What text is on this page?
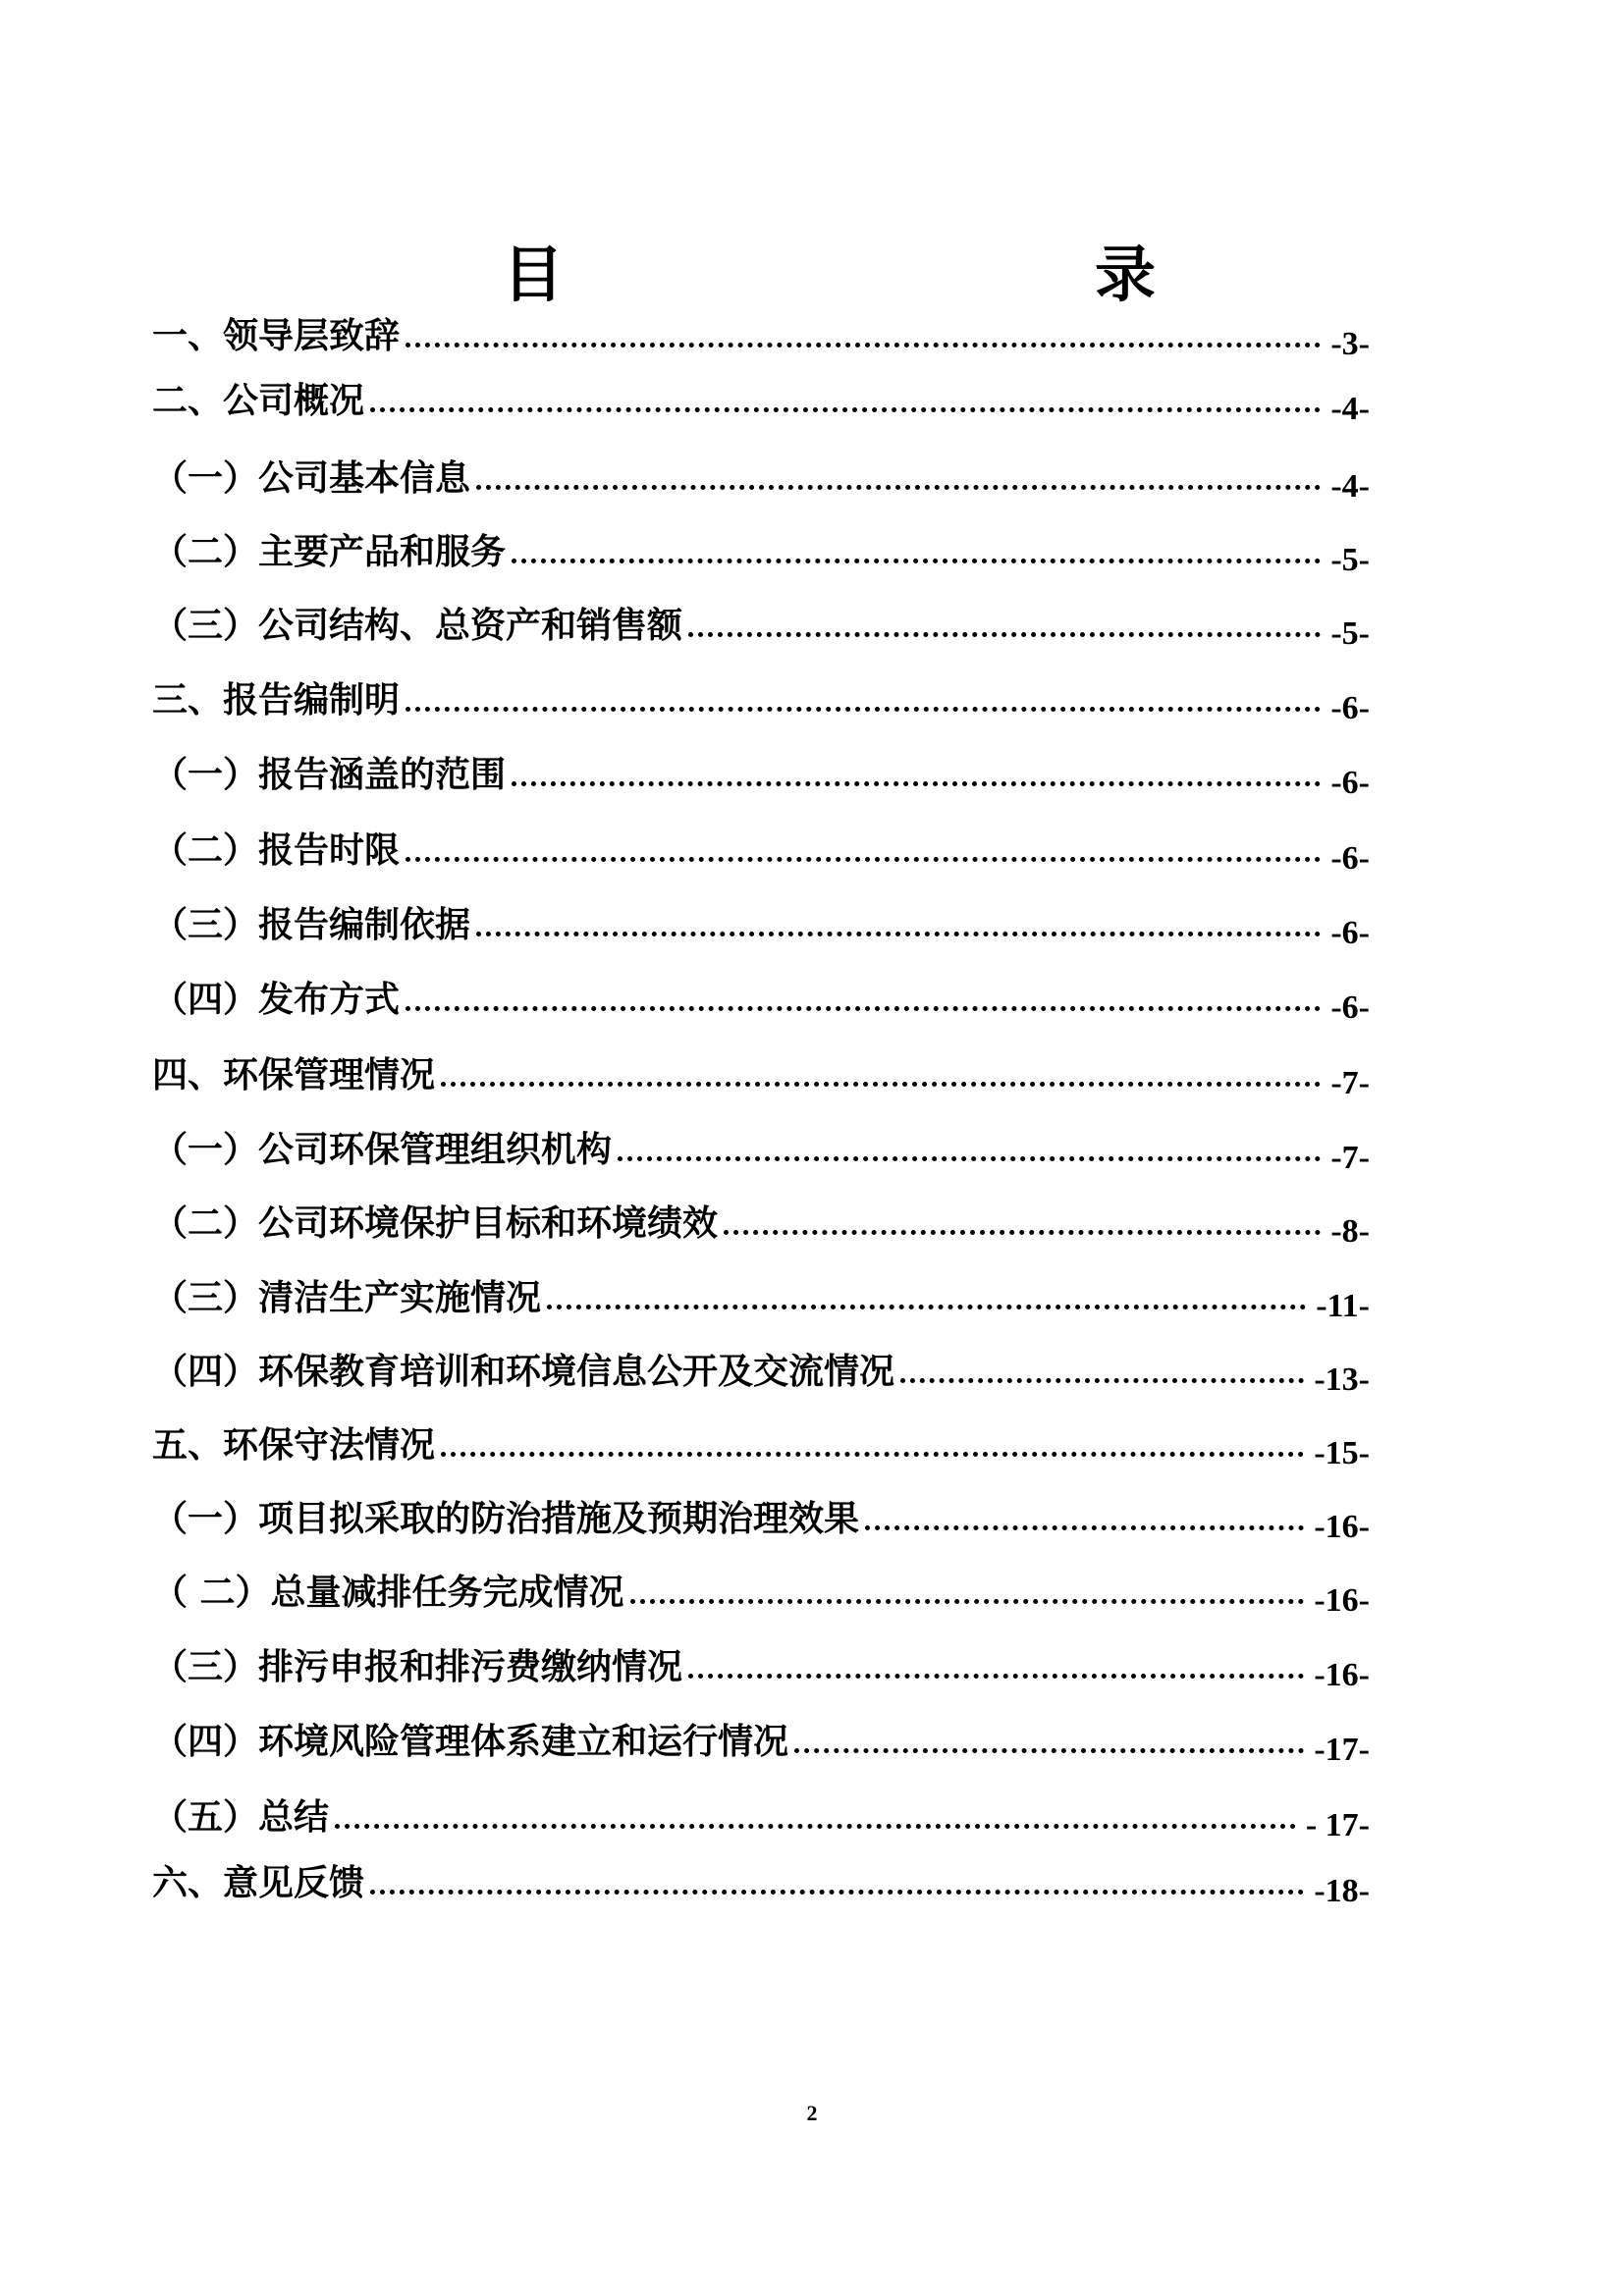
目	录
一、领导层致辞	-3-
二、公司概况	-4-
（一）公司基本信息	-4-
（二）主要产品和服务	-5-
（三）公司结构、总资产和销售额	-5-
三、报告编制明	-6-
（一）报告涵盖的范围	-6-
（二）报告时限	-6-
（三）报告编制依据	-6-
（四）发布方式	-6-
四、环保管理情况	-7-
（一）公司环保管理组织机构	-7-
（二）公司环境保护目标和环境绩效	-8-
（三）清洁生产实施情况	-11-
（四）环保教育培训和环境信息公开及交流情况	-13-
五、环保守法情况	-15-
（一）项目拟采取的防治措施及预期治理效果	-16-
（ 二）总量减排任务完成情况	-16-
（三）排污申报和排污费缴纳情况	-16-
（四）环境风险管理体系建立和运行情况	-17-
（五）总结	- 17-
六、意见反馈	-18-
2
